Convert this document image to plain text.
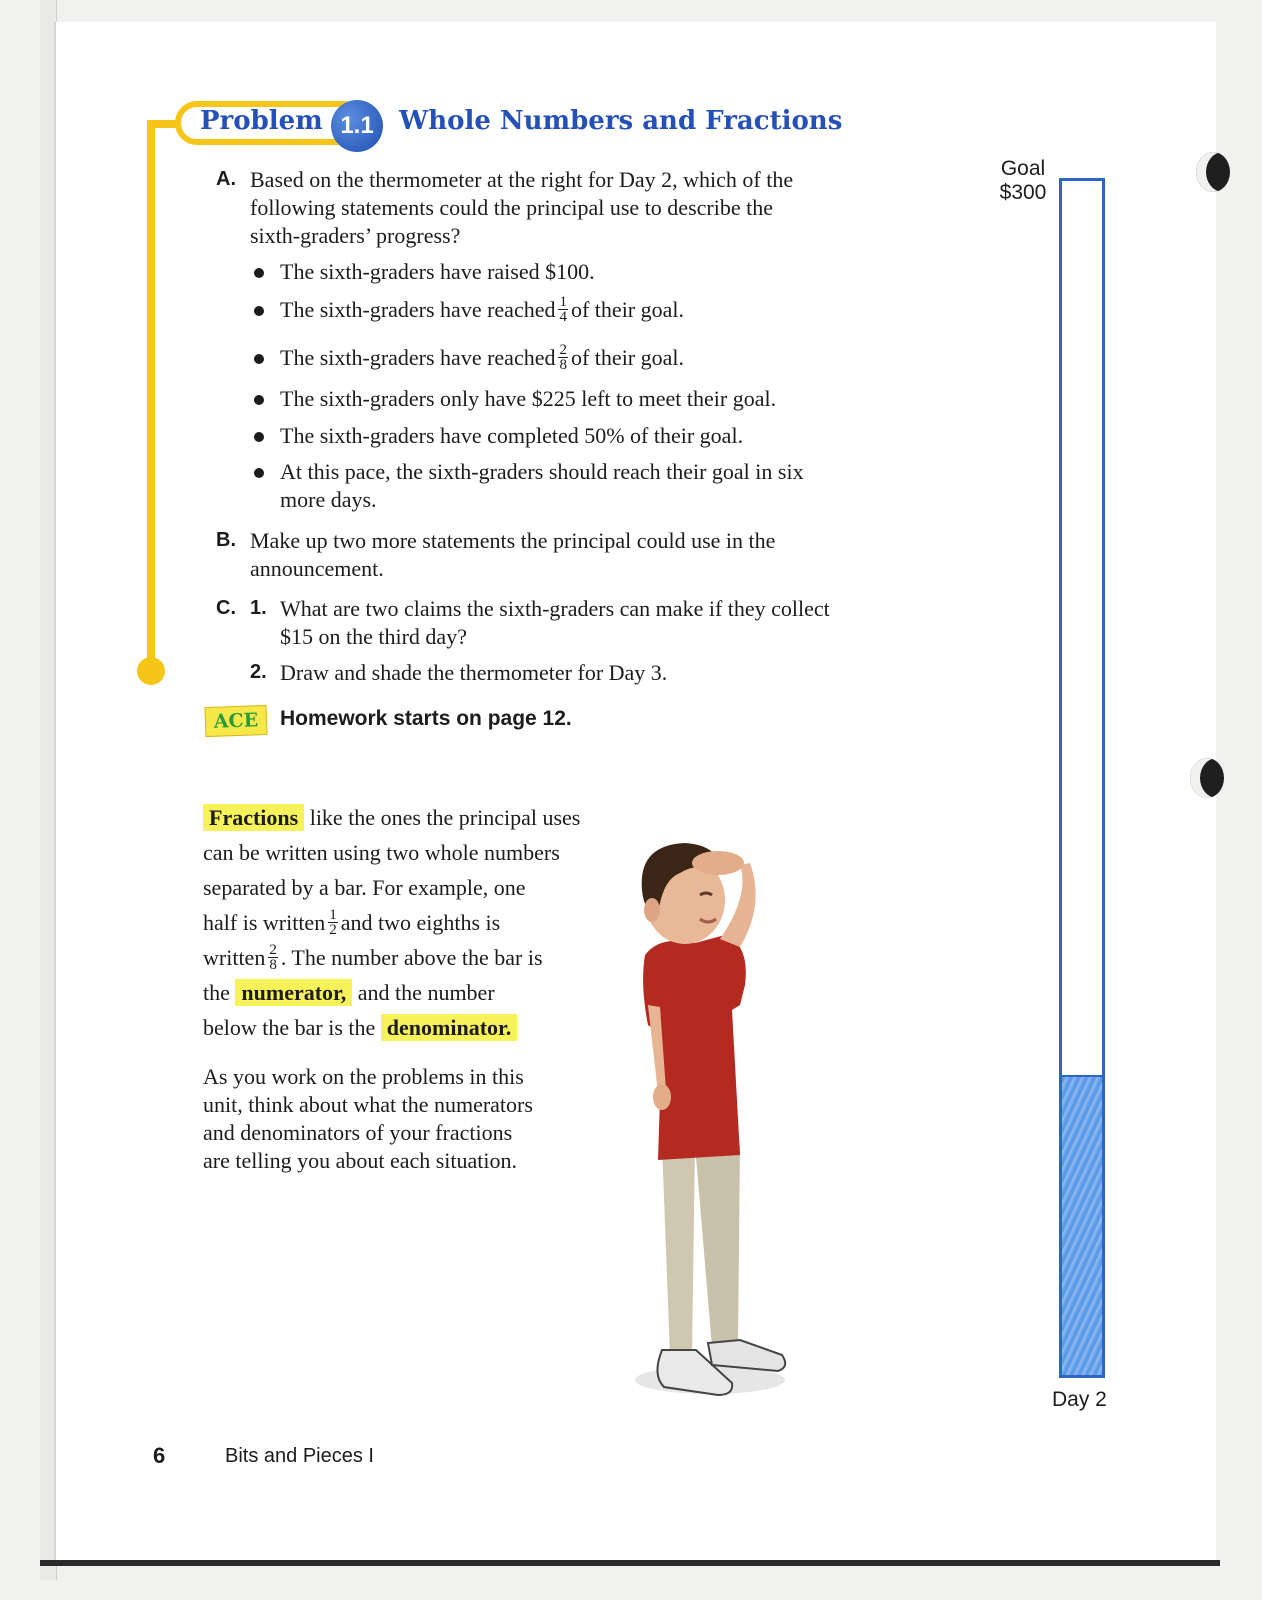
Problem 1.1 Whole Numbers and Fractions
A. Based on the thermometer at the right for Day 2, which of the
following statements could the principal use to describe the
sixth-graders’ progress?
The sixth-graders have raised $100.
The sixth-graders have reached $\frac{1}{4}$ of their goal.
The sixth-graders have reached $\frac{2}{8}$ of their goal.
The sixth-graders only have $225 left to meet their goal.
The sixth-graders have completed 50% of their goal.
At this pace, the sixth-graders should reach their goal in six
more days.
B. Make up two more statements the principal could use in the
announcement.
C. 1. What are two claims the sixth-graders can make if they collect
$15 on the third day?
2. Draw and shade the thermometer for Day 3.
ACE	Homework starts on page 12.
Fractions like the ones the principal uses
can be written using two whole numbers
separated by a bar. For example, one
half is written $\frac{1}{2}$ and two eighths is
written $\frac{2}{8}$ . The number above the bar is
the numerator, and the number
below the bar is the denominator.
As you work on the problems in this
unit, think about what the numerators
and denominators of your fractions
are telling you about each situation.
Goal
$300
Day 2
6	Bits and Pieces I
